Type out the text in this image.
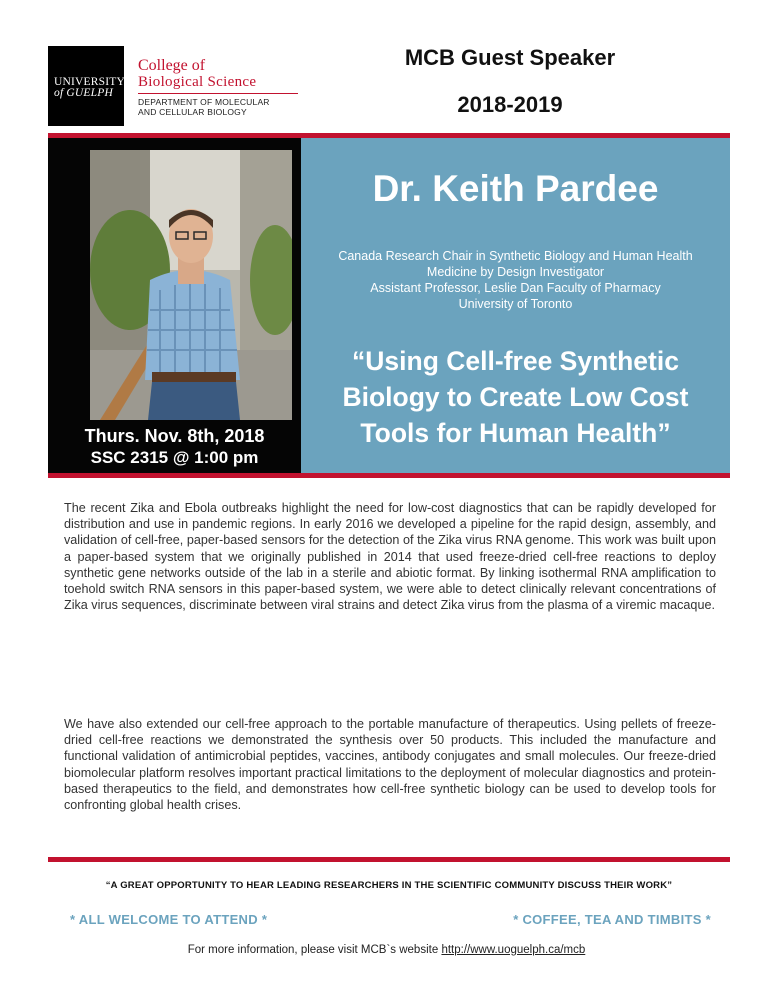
UNIVERSITY
of GUELPH
College of
Biological Science
DEPARTMENT OF MOLECULAR
AND CELLULAR BIOLOGY
MCB Guest Speaker
2018-2019
Thurs. Nov. 8th, 2018
SSC 2315 @ 1:00 pm
Dr. Keith Pardee
Canada Research Chair in Synthetic Biology and Human Health
Medicine by Design Investigator
Assistant Professor, Leslie Dan Faculty of Pharmacy
University of Toronto
“Using Cell-free Synthetic
Biology to Create Low Cost
Tools for Human Health”

The recent Zika and Ebola outbreaks highlight the need for low-cost diagnostics that can be rapidly developed for distribution and use in pandemic regions. In early 2016 we developed a pipeline for the rapid design, assembly, and validation of cell-free, paper-based sensors for the detection of the Zika virus RNA genome. This work was built upon a paper-based system that we originally published in 2014 that used freeze-dried cell-free reactions to deploy synthetic gene networks outside of the lab in a sterile and abiotic format. By linking isothermal RNA amplification to toehold switch RNA sensors in this paper-based system, we were able to detect clinically relevant concentrations of Zika virus sequences, discriminate between viral strains and detect Zika virus from the plasma of a viremic macaque.

We have also extended our cell-free approach to the portable manufacture of therapeutics. Using pellets of freeze-dried cell-free reactions we demonstrated the synthesis over 50 products. This included the manufacture and functional validation of antimicrobial peptides, vaccines, antibody conjugates and small molecules. Our freeze-dried biomolecular platform resolves important practical limitations to the deployment of molecular diagnostics and protein-based therapeutics to the field, and demonstrates how cell-free synthetic biology can be used to develop tools for confronting global health crises.

“A GREAT OPPORTUNITY TO HEAR LEADING RESEARCHERS IN THE SCIENTIFIC COMMUNITY DISCUSS THEIR WORK”
* ALL WELCOME TO ATTEND *	* COFFEE, TEA AND TIMBITS *
For more information, please visit MCB`s website http://www.uoguelph.ca/mcb
